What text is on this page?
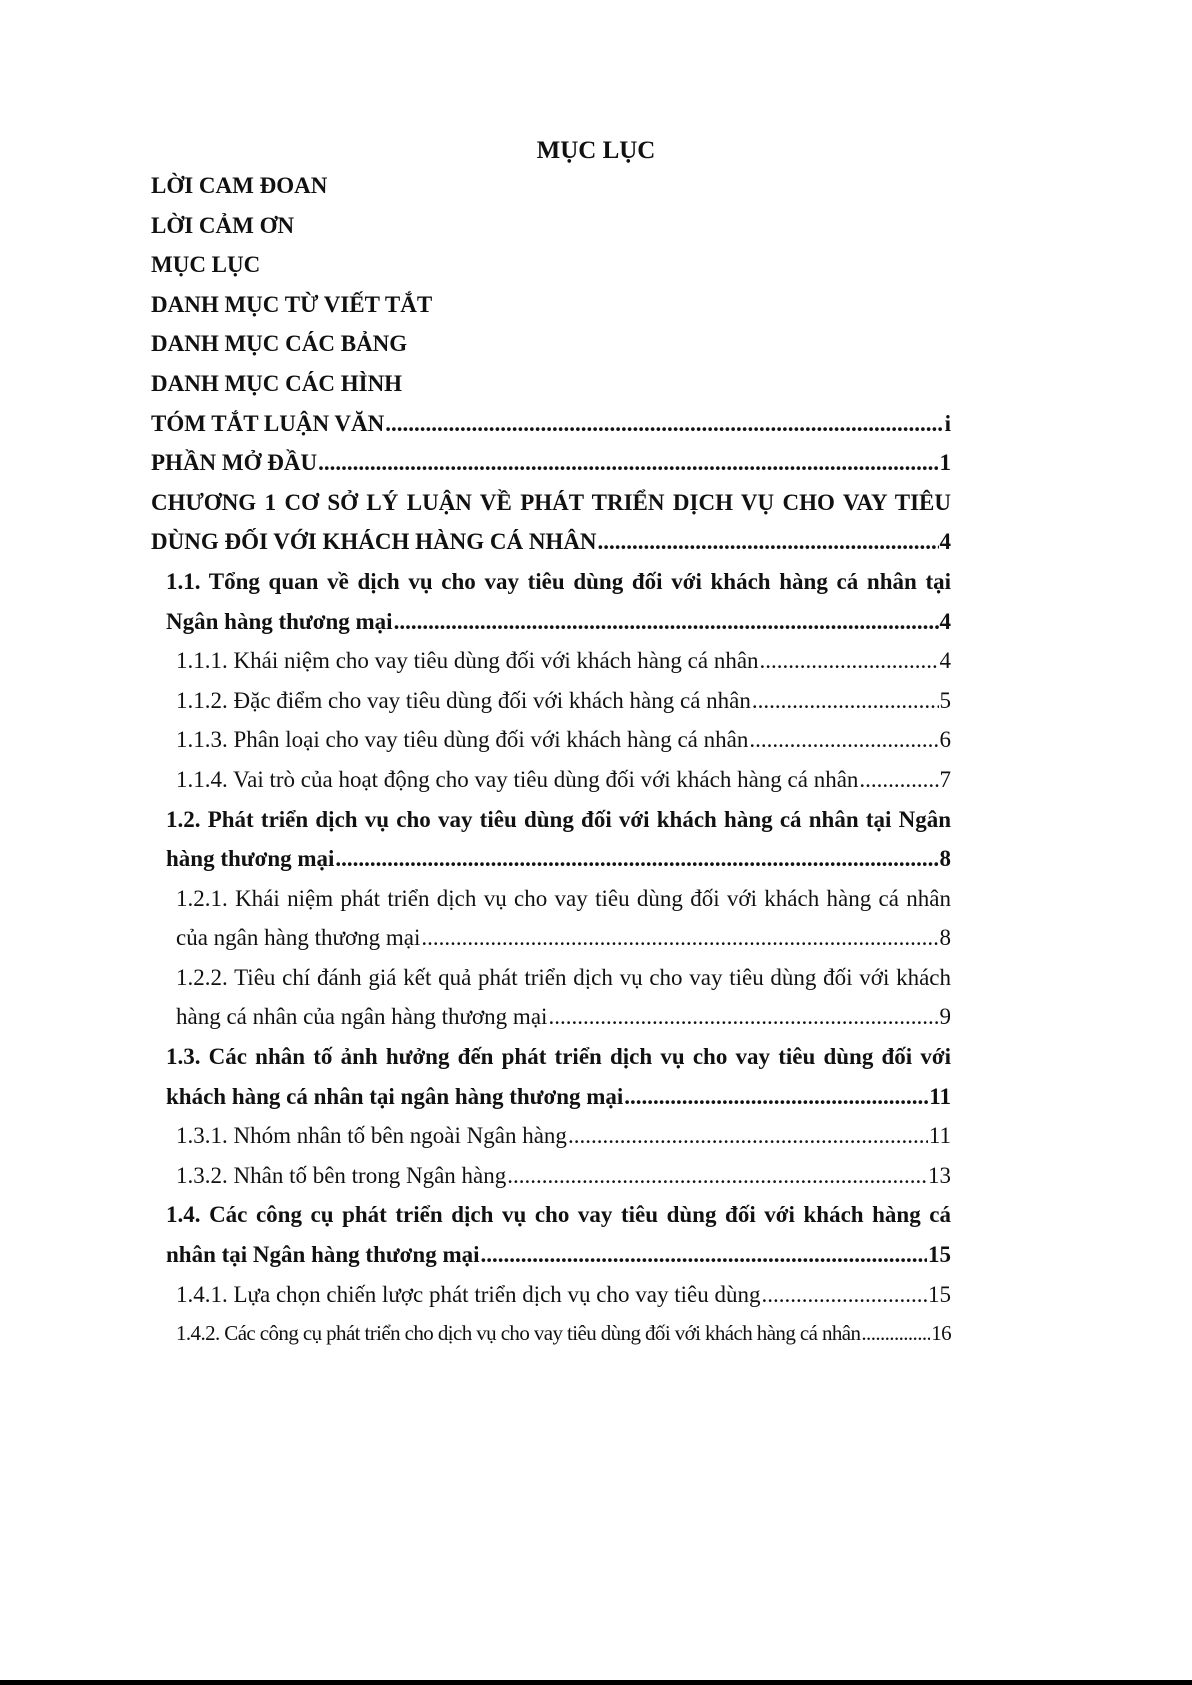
MỤC LỤC
LỜI CAM ĐOAN
LỜI CẢM ƠN
MỤC LỤC
DANH MỤC TỪ VIẾT TẮT
DANH MỤC CÁC BẢNG
DANH MỤC CÁC HÌNH
TÓM TẮT LUẬN VĂN .....	i
PHẦN MỞ ĐẦU .....	1
CHƯƠNG 1 CƠ SỞ LÝ LUẬN VỀ PHÁT TRIỂN DỊCH VỤ CHO VAY TIÊU
DÙNG ĐỐI VỚI KHÁCH HÀNG CÁ NHÂN .....	4
1.1. Tổng quan về dịch vụ cho vay tiêu dùng đối với khách hàng cá nhân tại
Ngân hàng thương mại .....	4
1.1.1. Khái niệm cho vay tiêu dùng đối với khách hàng cá nhân .....	4
1.1.2. Đặc điểm cho vay tiêu dùng đối với khách hàng cá nhân .....	5
1.1.3. Phân loại cho vay tiêu dùng đối với khách hàng cá nhân .....	6
1.1.4. Vai trò của hoạt động cho vay tiêu dùng đối với khách hàng cá nhân .....	7
1.2. Phát triển dịch vụ cho vay tiêu dùng đối với khách hàng cá nhân tại Ngân
hàng thương mại .....	8
1.2.1. Khái niệm phát triển dịch vụ cho vay tiêu dùng đối với khách hàng cá nhân
của ngân hàng thương mại .....	8
1.2.2. Tiêu chí đánh giá kết quả phát triển dịch vụ cho vay tiêu dùng đối với khách
hàng cá nhân của ngân hàng thương mại .....	9
1.3. Các nhân tố ảnh hưởng đến phát triển dịch vụ cho vay tiêu dùng đối với
khách hàng cá nhân tại ngân hàng thương mại .....	11
1.3.1. Nhóm nhân tố bên ngoài Ngân hàng .....	11
1.3.2. Nhân tố bên trong Ngân hàng .....	13
1.4. Các công cụ phát triển dịch vụ cho vay tiêu dùng đối với khách hàng cá
nhân tại Ngân hàng thương mại .....	15
1.4.1. Lựa chọn chiến lược phát triển dịch vụ cho vay tiêu dùng .....	15
1.4.2. Các công cụ phát triển cho dịch vụ cho vay tiêu dùng đối với khách hàng cá nhân .....	16
